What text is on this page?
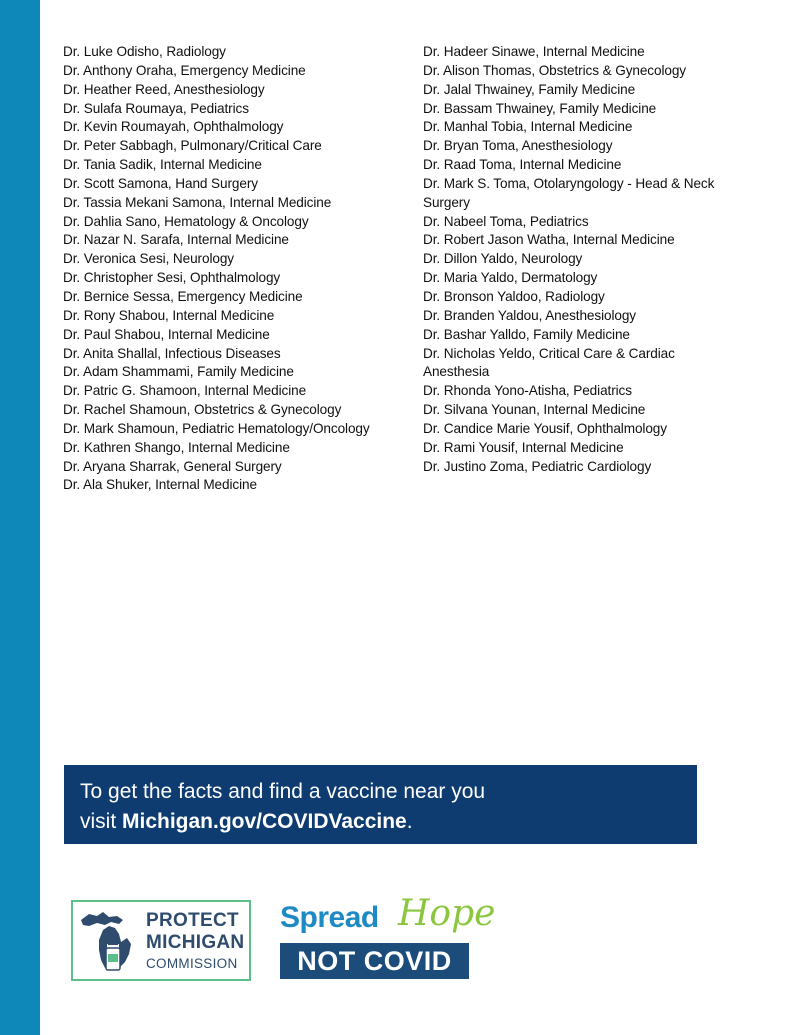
Dr. Luke Odisho, Radiology
Dr. Anthony Oraha, Emergency Medicine
Dr. Heather Reed, Anesthesiology
Dr. Sulafa Roumaya, Pediatrics
Dr. Kevin Roumayah, Ophthalmology
Dr. Peter Sabbagh, Pulmonary/Critical Care
Dr. Tania Sadik, Internal Medicine
Dr. Scott Samona, Hand Surgery
Dr. Tassia Mekani Samona, Internal Medicine
Dr. Dahlia Sano, Hematology & Oncology
Dr. Nazar N. Sarafa, Internal Medicine
Dr. Veronica Sesi, Neurology
Dr. Christopher Sesi, Ophthalmology
Dr. Bernice Sessa, Emergency Medicine
Dr. Rony Shabou, Internal Medicine
Dr. Paul Shabou, Internal Medicine
Dr. Anita Shallal, Infectious Diseases
Dr. Adam Shammami, Family Medicine
Dr. Patric G. Shamoon, Internal Medicine
Dr. Rachel Shamoun, Obstetrics & Gynecology
Dr. Mark Shamoun, Pediatric Hematology/Oncology
Dr. Kathren Shango, Internal Medicine
Dr. Aryana Sharrak, General Surgery
Dr. Ala Shuker, Internal Medicine
Dr. Hadeer Sinawe, Internal Medicine
Dr. Alison Thomas, Obstetrics & Gynecology
Dr. Jalal Thwainey, Family Medicine
Dr. Bassam Thwainey, Family Medicine
Dr. Manhal Tobia, Internal Medicine
Dr. Bryan Toma, Anesthesiology
Dr. Raad Toma, Internal Medicine
Dr. Mark S. Toma, Otolaryngology - Head & Neck
Surgery
Dr. Nabeel Toma, Pediatrics
Dr. Robert Jason Watha, Internal Medicine
Dr. Dillon Yaldo, Neurology
Dr. Maria Yaldo, Dermatology
Dr. Bronson Yaldoo, Radiology
Dr. Branden Yaldou, Anesthesiology
Dr. Bashar Yalldo, Family Medicine
Dr. Nicholas Yeldo, Critical Care & Cardiac
Anesthesia
Dr. Rhonda Yono-Atisha, Pediatrics
Dr. Silvana Younan, Internal Medicine
Dr. Candice Marie Yousif, Ophthalmology
Dr. Rami Yousif, Internal Medicine
Dr. Justino Zoma, Pediatric Cardiology
To get the facts and find a vaccine near you
visit Michigan.gov/COVIDVaccine.
PROTECT
MICHIGAN
COMMISSION
Spread Hope
NOT COVID
